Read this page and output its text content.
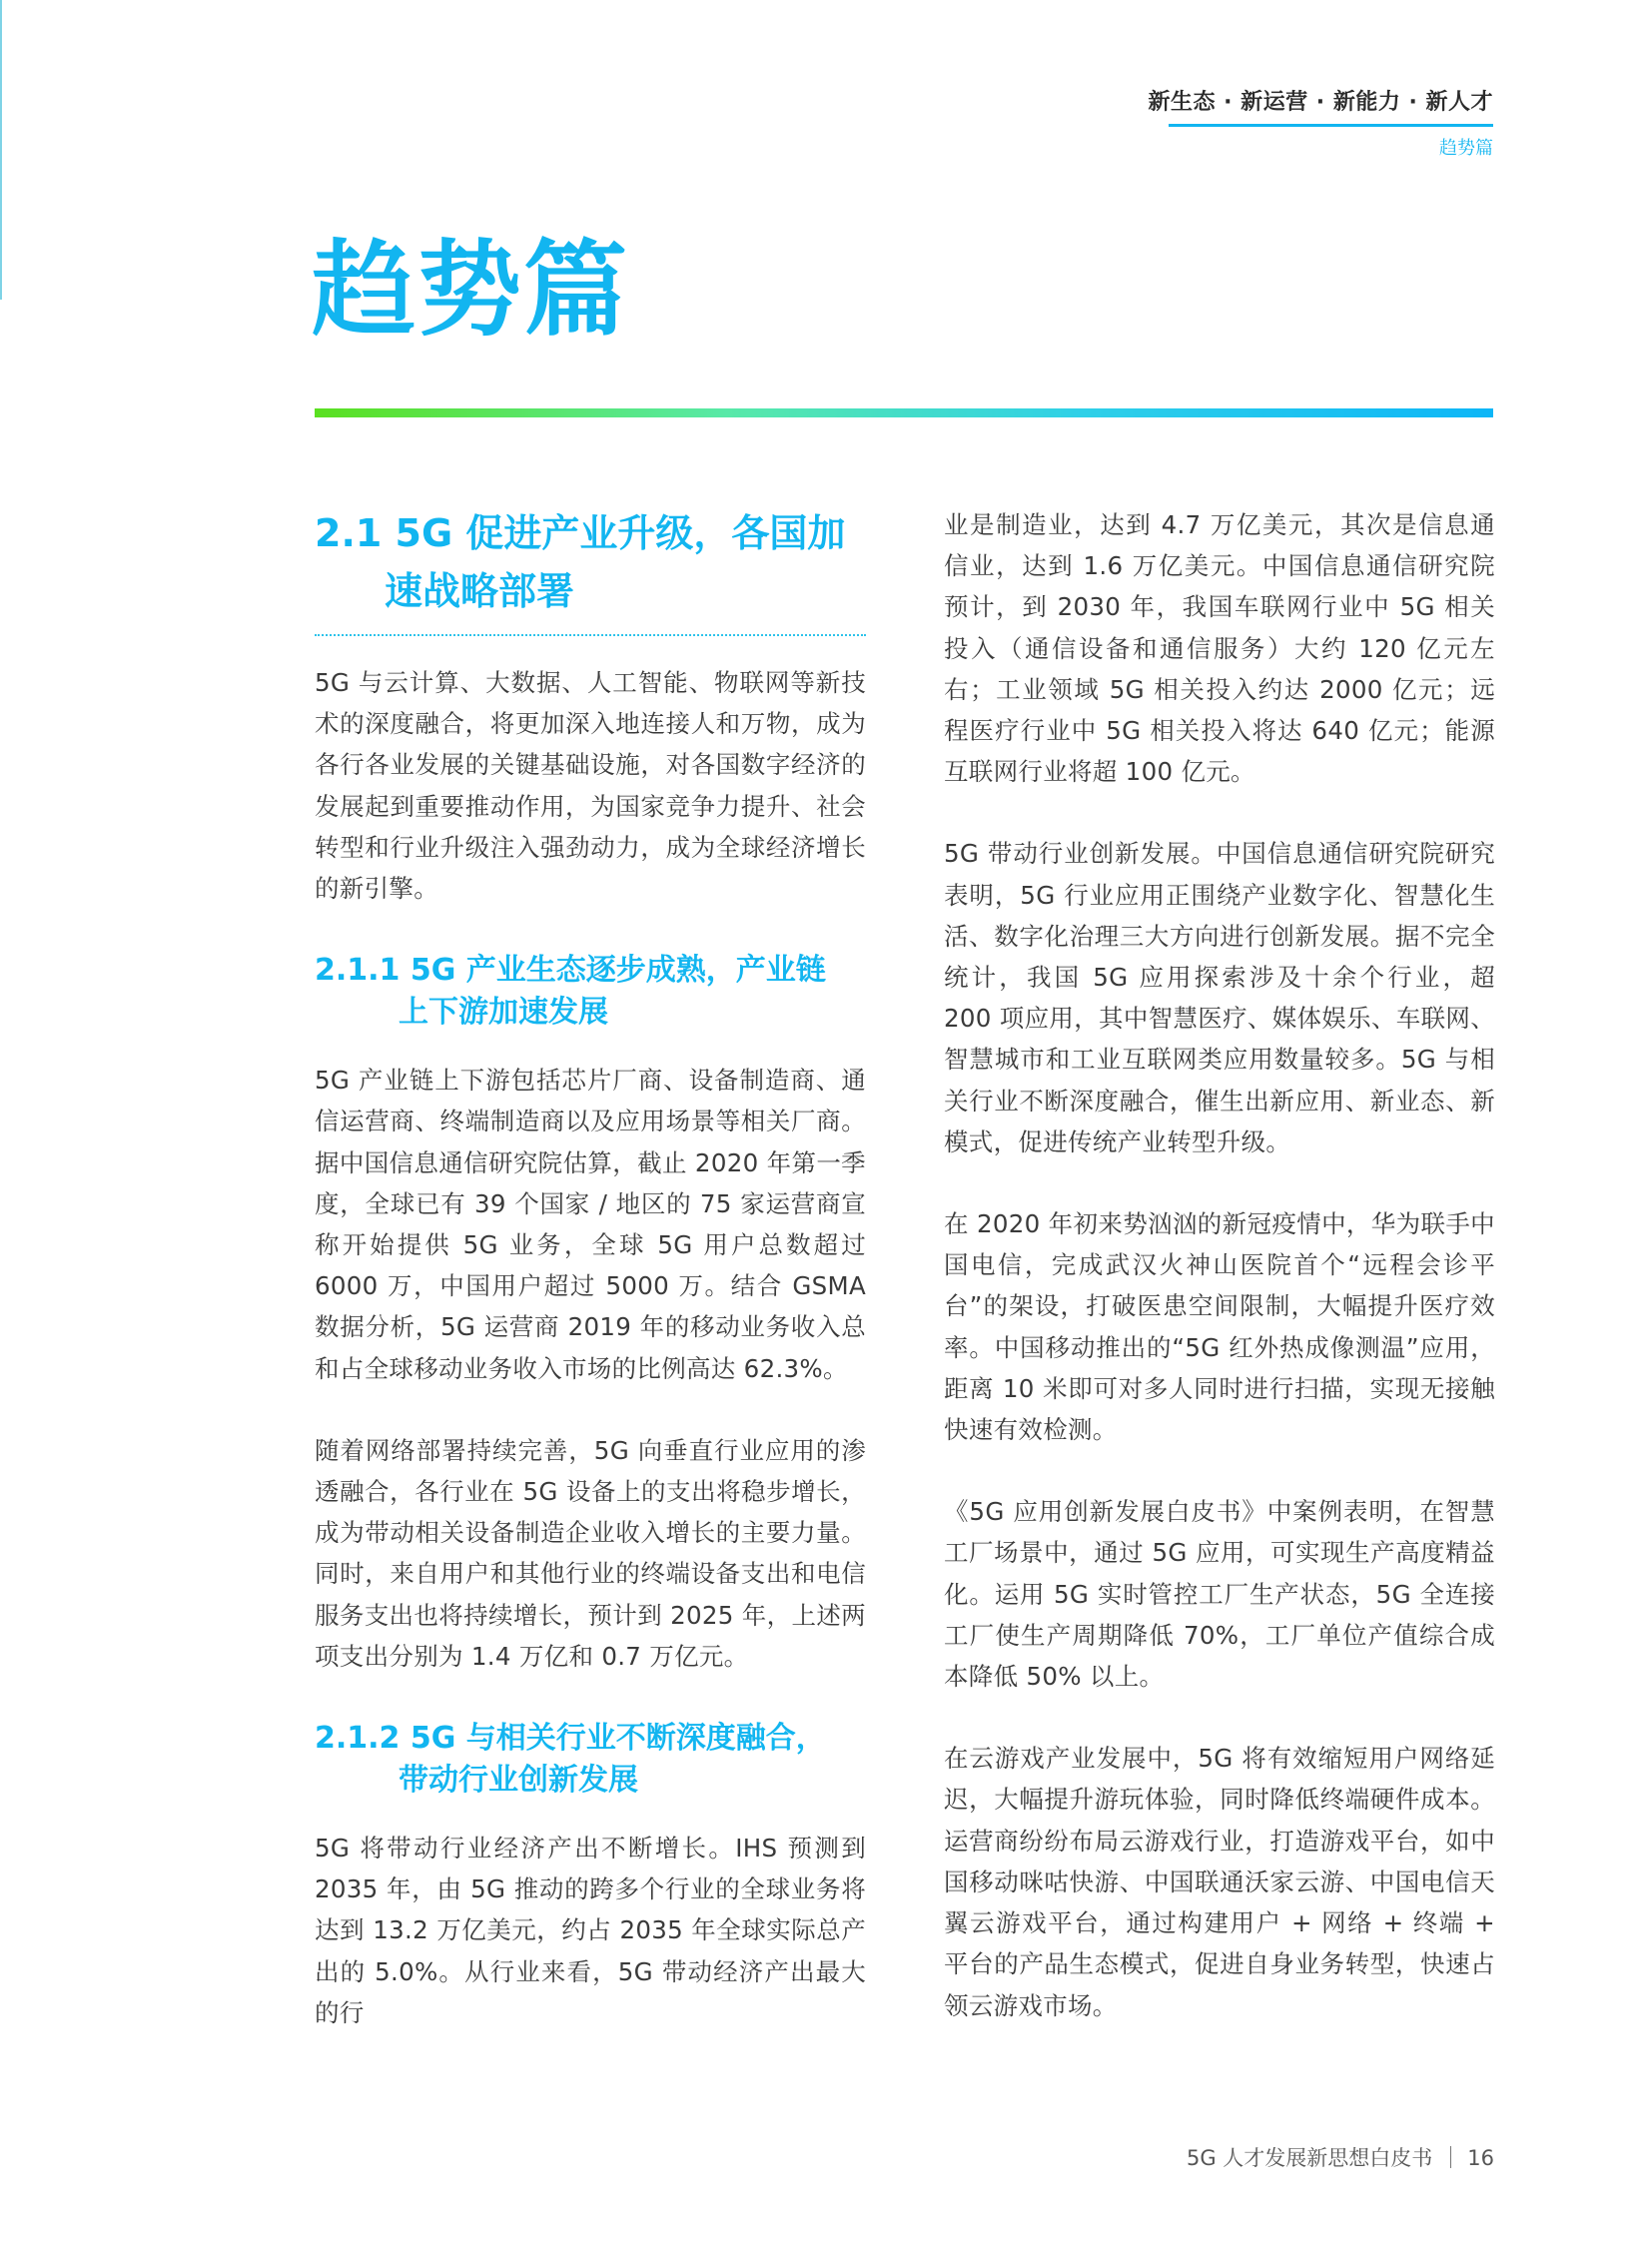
新生态 · 新运营 · 新能力 · 新人才
趋势篇
趋势篇
2.1 5G 促进产业升级，各国加
速战略部署

5G 与云计算、大数据、人工智能、物联网等新技术的深度融合，将更加深入地连接人和万物，成为各行各业发展的关键基础设施，对各国数字经济的发展起到重要推动作用，为国家竞争力提升、社会转型和行业升级注入强劲动力，成为全球经济增长的新引擎。

2.1.1 5G 产业生态逐步成熟，产业链
上下游加速发展

5G 产业链上下游包括芯片厂商、设备制造商、通信运营商、终端制造商以及应用场景等相关厂商。据中国信息通信研究院估算，截止 2020 年第一季度，全球已有 39 个国家 / 地区的 75 家运营商宣称开始提供 5G 业务，全球 5G 用户总数超过 6000 万，中国用户超过 5000 万。结合 GSMA 数据分析，5G 运营商 2019 年的移动业务收入总和占全球移动业务收入市场的比例高达 62.3%。

随着网络部署持续完善，5G 向垂直行业应用的渗透融合，各行业在 5G 设备上的支出将稳步增长，成为带动相关设备制造企业收入增长的主要力量。同时，来自用户和其他行业的终端设备支出和电信服务支出也将持续增长，预计到 2025 年，上述两项支出分别为 1.4 万亿和 0.7 万亿元。

2.1.2 5G 与相关行业不断深度融合，
带动行业创新发展

5G 将带动行业经济产出不断增长。IHS 预测到 2035 年，由 5G 推动的跨多个行业的全球业务将达到 13.2 万亿美元，约占 2035 年全球实际总产出的 5.0%。从行业来看，5G 带动经济产出最大的行

业是制造业，达到 4.7 万亿美元，其次是信息通信业，达到 1.6 万亿美元。中国信息通信研究院预计，到 2030 年，我国车联网行业中 5G 相关投入（通信设备和通信服务）大约 120 亿元左右；工业领域 5G 相关投入约达 2000 亿元；远程医疗行业中 5G 相关投入将达 640 亿元；能源互联网行业将超 100 亿元。

5G 带动行业创新发展。中国信息通信研究院研究表明，5G 行业应用正围绕产业数字化、智慧化生活、数字化治理三大方向进行创新发展。据不完全统计，我国 5G 应用探索涉及十余个行业，超 200 项应用，其中智慧医疗、媒体娱乐、车联网、智慧城市和工业互联网类应用数量较多。5G 与相关行业不断深度融合，催生出新应用、新业态、新模式，促进传统产业转型升级。

在 2020 年初来势汹汹的新冠疫情中，华为联手中国电信，完成武汉火神山医院首个“远程会诊平台”的架设，打破医患空间限制，大幅提升医疗效率。中国移动推出的“5G 红外热成像测温”应用，距离 10 米即可对多人同时进行扫描，实现无接触快速有效检测。

《5G 应用创新发展白皮书》中案例表明，在智慧工厂场景中，通过 5G 应用，可实现生产高度精益化。运用 5G 实时管控工厂生产状态，5G 全连接工厂使生产周期降低 70%，工厂单位产值综合成本降低 50% 以上。

在云游戏产业发展中，5G 将有效缩短用户网络延迟，大幅提升游玩体验，同时降低终端硬件成本。运营商纷纷布局云游戏行业，打造游戏平台，如中国移动咪咕快游、中国联通沃家云游、中国电信天翼云游戏平台，通过构建用户 + 网络 + 终端 + 平台的产品生态模式，促进自身业务转型，快速占领云游戏市场。

5G 人才发展新思想白皮书 16
